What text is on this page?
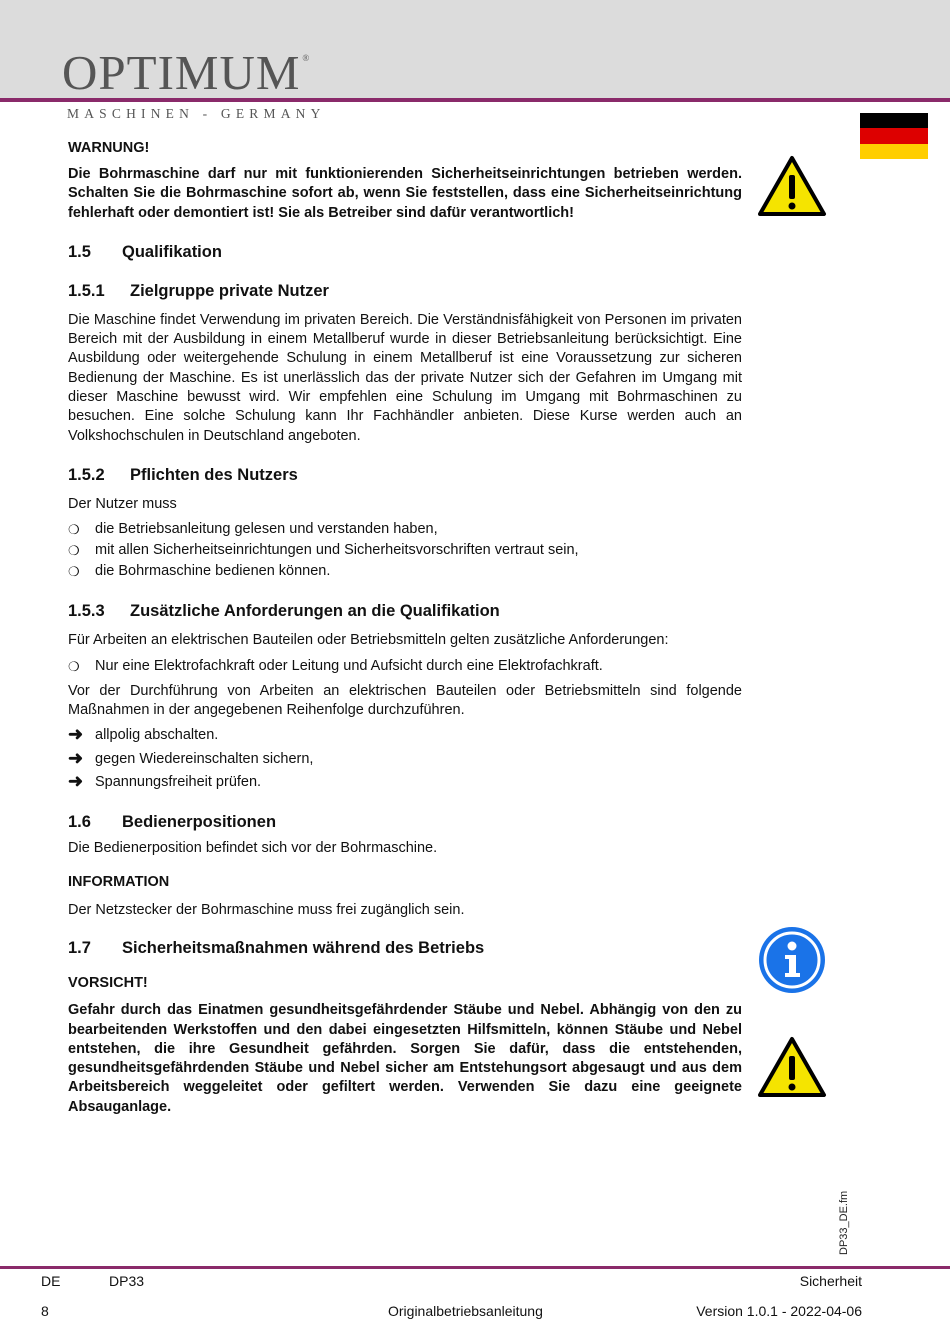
OPTIMUM ®
MASCHINEN - GERMANY

WARNUNG!

Die Bohrmaschine darf nur mit funktionierenden Sicherheitseinrichtungen betrieben werden. Schalten Sie die Bohrmaschine sofort ab, wenn Sie feststellen, dass eine Sicherheitseinrichtung fehlerhaft oder demontiert ist! Sie als Betreiber sind dafür verantwortlich!

1.5 Qualifikation

1.5.1 Zielgruppe private Nutzer

Die Maschine findet Verwendung im privaten Bereich. Die Verständnisfähigkeit von Personen im privaten Bereich mit der Ausbildung in einem Metallberuf wurde in dieser Betriebsanleitung berücksichtigt. Eine Ausbildung oder weitergehende Schulung in einem Metallberuf ist eine Voraussetzung zur sicheren Bedienung der Maschine. Es ist unerlässlich das der private Nutzer sich der Gefahren im Umgang mit dieser Maschine bewusst wird. Wir empfehlen eine Schulung im Umgang mit Bohrmaschinen zu besuchen. Eine solche Schulung kann Ihr Fachhändler anbieten. Diese Kurse werden auch an Volkshochschulen in Deutschland angeboten.

1.5.2 Pflichten des Nutzers

Der Nutzer muss

❍ die Betriebsanleitung gelesen und verstanden haben,
❍ mit allen Sicherheitseinrichtungen und Sicherheitsvorschriften vertraut sein,
❍ die Bohrmaschine bedienen können.

1.5.3 Zusätzliche Anforderungen an die Qualifikation

Für Arbeiten an elektrischen Bauteilen oder Betriebsmitteln gelten zusätzliche Anforderungen:

❍ Nur eine Elektrofachkraft oder Leitung und Aufsicht durch eine Elektrofachkraft.

Vor der Durchführung von Arbeiten an elektrischen Bauteilen oder Betriebsmitteln sind folgende Maßnahmen in der angegebenen Reihenfolge durchzuführen.

➜ allpolig abschalten.
➜ gegen Wiedereinschalten sichern,
➜ Spannungsfreiheit prüfen.

1.6 Bedienerpositionen

Die Bedienerposition befindet sich vor der Bohrmaschine.

INFORMATION

Der Netzstecker der Bohrmaschine muss frei zugänglich sein.

1.7 Sicherheitsmaßnahmen während des Betriebs

VORSICHT!

Gefahr durch das Einatmen gesundheitsgefährdender Stäube und Nebel. Abhängig von den zu bearbeitenden Werkstoffen und den dabei eingesetzten Hilfsmitteln, können Stäube und Nebel entstehen, die ihre Gesundheit gefährden. Sorgen Sie dafür, dass die entstehenden, gesundheitsgefährdenden Stäube und Nebel sicher am Entstehungsort abgesaugt und aus dem Arbeitsbereich weggeleitet oder gefiltert werden. Verwenden Sie dazu eine geeignete Absauganlage.

DP33_DE.fm
DE	DP33	Sicherheit
8	Originalbetriebsanleitung	Version 1.0.1 - 2022-04-06
